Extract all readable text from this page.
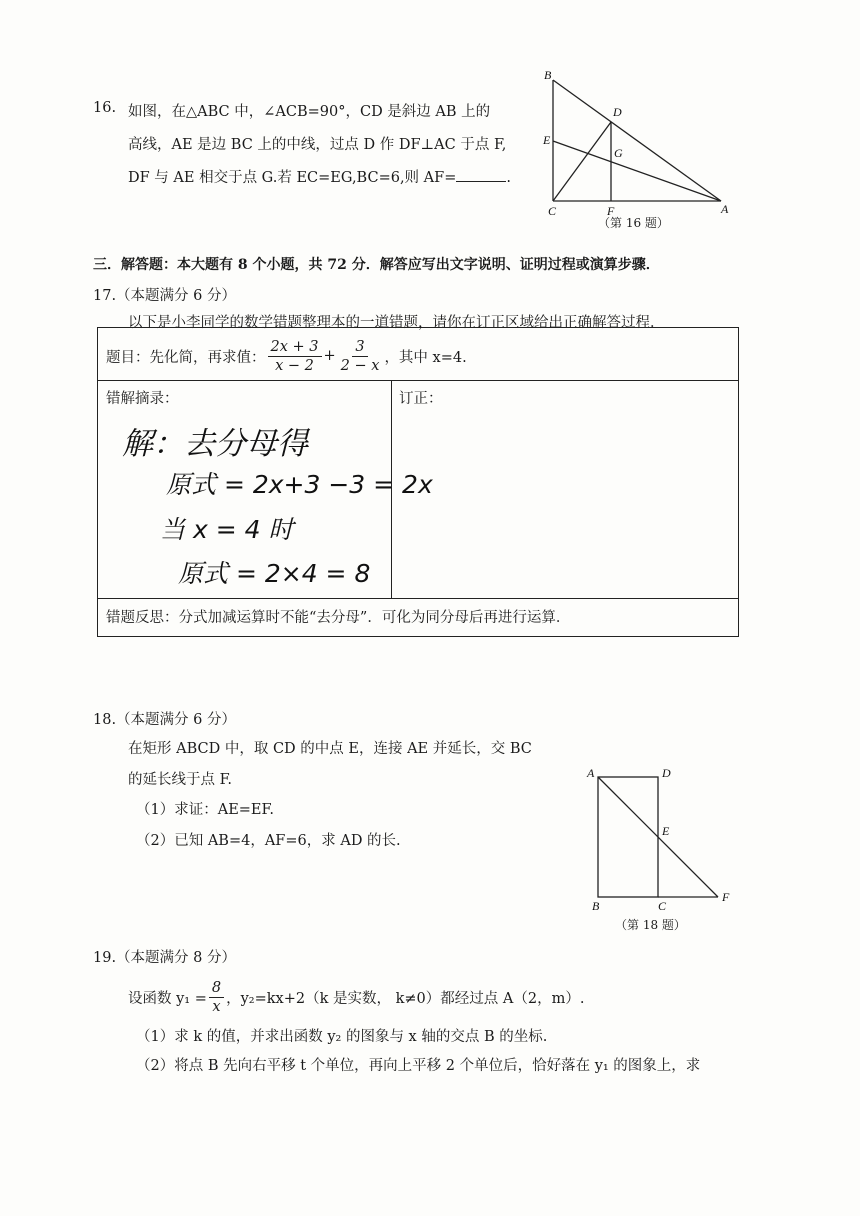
16. 如图，在△ABC 中，∠ACB=90°，CD 是斜边 AB 上的
高线，AE 是边 BC 上的中线，过点 D 作 DF⊥AC 于点 F,
DF 与 AE 相交于点 G.若 EC=EG,BC=6,则 AF=	.
B
D
E
G
C	F	A
（第 16 题）
三．解答题：本大题有 8 个小题，共 72 分．解答应写出文字说明、证明过程或演算步骤．
17.（本题满分 6 分）
以下是小李同学的数学错题整理本的一道错题，请你在订正区域给出正确解答过程．
题目：先化简，再求值： $\frac{2x + 3}{x - 2} + \frac{3}{2 - x}$ ，其中 x=4.
错解摘录：	订正：
解：去分母得
原式 = 2x+3 −3 = 2x
当 x = 4 时
原式 = 2×4 = 8
错题反思：分式加减运算时不能“去分母”．可化为同分母后再进行运算．
18.（本题满分 6 分）
在矩形 ABCD 中，取 CD 的中点 E，连接 AE 并延长，交 BC
的延长线于点 F.
（1）求证：AE=EF.
（2）已知 AB=4，AF=6，求 AD 的长.
A	D
E
B	C
F
（第 18 题）
19.（本题满分 8 分）
设函数 $y_1 = \frac{8}{x}$ ，y₂=kx+2（k 是实数， k≠0）都经过点 A（2，m）.
（1）求 k 的值，并求出函数 y₂ 的图象与 x 轴的交点 B 的坐标.
（2）将点 B 先向右平移 t 个单位，再向上平移 2 个单位后，恰好落在 y₁ 的图象上，求
